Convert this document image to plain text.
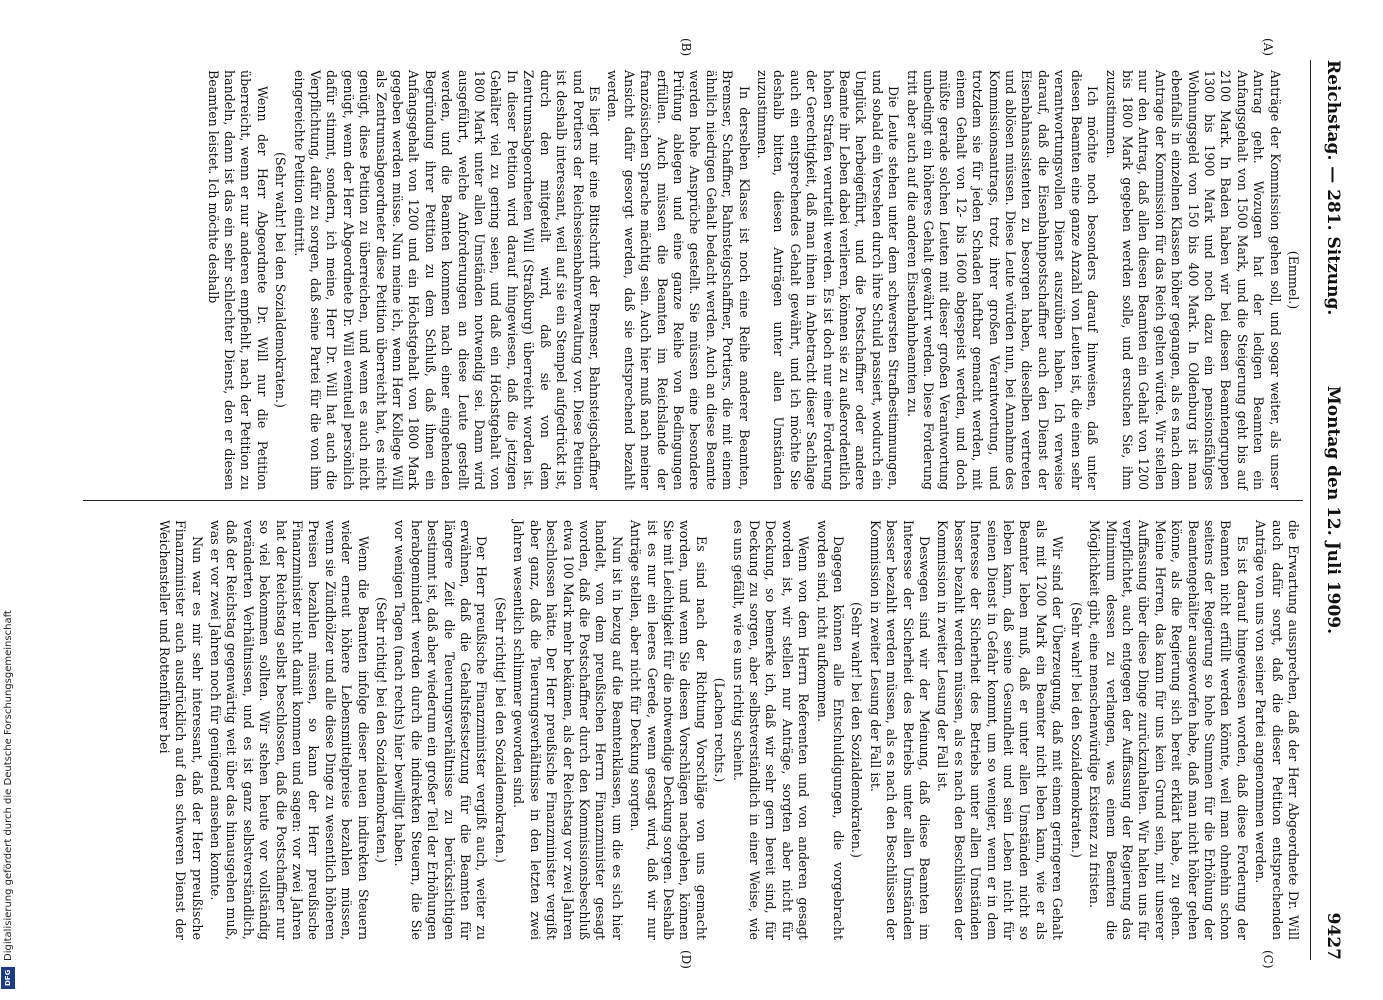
Reichstag. — 281. Sitzung.
Montag den 12. Juli 1909.
9427
(A)
(B)
(C)
(D)

(Emmel.)

Anträge der Kommission gehen soll, und sogar weiter, als unser Antrag geht. Wozugen hat der ledigen Beamten ein Anfangsgehalt von 1500 Mark, und die Steigerung geht bis auf 2100 Mark. In Baden haben wir bei diesen Beamtengruppen 1300 bis 1900 Mark und noch dazu ein pensionsfähiges Wohnungsgeld von 150 bis 400 Mark. In Oldenburg ist man ebenfalls in einzelnen Klassen höher gegangen, als es nach dem Antrage der Kommission für das Reich gelten würde. Wir stellen nur den Antrag, daß allen diesen Beamten ein Gehalt von 1200 bis 1800 Mark gegeben werden solle, und ersuchen Sie, ihm zuzustimmen.

Ich möchte noch besonders darauf hinweisen, daß unter diesen Beamten eine ganze Anzahl von Leuten ist, die einen sehr verantwortungsvollen Dienst auszuüben haben. Ich verweise darauf, daß die Eisenbahnpostschaffner auch den Dienst der Eisenbahnassistenten zu besorgen haben, dieselben vertreten und ablösen müssen. Diese Leute würden nun, bei Annahme des Kommissionsantrags, trotz ihrer großen Verantwortung, und trotzdem sie für jeden Schaden haftbar gemacht werden, mit einem Gehalt von 12- bis 1600 abgespeist werden, und doch müßte gerade solchen Leuten mit dieser großen Verantwortung unbedingt ein höheres Gehalt gewährt werden. Diese Forderung tritt aber auch auf die anderen Eisenbahnbeamten zu.

Die Leute stehen unter dem schwersten Strafbestimmungen, und sobald ein Versehen durch ihre Schuld passiert, wodurch ein Unglück herbeigeführt, und die Postschaffner oder andere Beamte ihr Leben dabei verlieren, können sie zu außerordentlich hohen Strafen verurteilt werden. Es ist doch nur eine Forderung der Gerechtigkeit, daß man ihnen in Anbetracht dieser Sachlage auch ein entsprechendes Gehalt gewährt, und ich möchte Sie deshalb bitten, diesen Anträgen unter allen Umständen zuzustimmen.

In derselben Klasse ist noch eine Reihe anderer Beamten, Bremser, Schaffner, Bahnsteigschaffner, Portiers, die mit einem ähnlich niedrigen Gehalt bedacht werden. Auch an diese Beamte werden hohe Ansprüche gestellt. Sie müssen eine besondere Prüfung ablegen und eine ganze Reihe von Bedingungen erfüllen. Auch müssen die Beamten im Reichslande der französischen Sprache mächtig sein. Auch hier muß nach meiner Ansicht dafür gesorgt werden, daß sie entsprechend bezahlt werden.

Es liegt mir eine Bittschrift der Bremser, Bahnsteigschaffner und Portiers der Reichseisenbahnverwaltung vor. Diese Petition ist deshalb interessant, weil auf sie ein Stempel aufgedrückt ist, durch den mitgeteilt wird, daß sie von dem Zentrumsabgeordneten Will (Straßburg) überreicht worden ist. In dieser Petition wird darauf hingewiesen, daß die jetzigen Gehälter viel zu gering seien, und daß ein Höchstgehalt von 1800 Mark unter allen Umständen notwendig sei. Dann wird ausgeführt, welche Anforderungen an diese Leute gestellt werden, und die Beamten kommen nach einer eingehenden Begründung ihrer Petition zu dem Schluß, daß ihnen ein Anfangsgehalt von 1200 und ein Höchstgehalt von 1800 Mark gegeben werden müsse. Nun meine ich, wenn Herr Kollege Will als Zentrumsabgeordneter diese Petition überreicht hat, es nicht genügt, diese Petition zu überreichen, und wenn es auch nicht genügt, wenn der Herr Abgeordnete Dr. Will eventuell persönlich dafür stimmt, sondern, ich meine, Herr Dr. Will hat auch die Verpflichtung, dafür zu sorgen, daß seine Partei für die von ihm eingereichte Petition eintritt.

(Sehr wahr! bei den Sozialdemokraten.)

Wenn der Herr Abgeordnete Dr. Will nur die Petition überreicht, wenn er nur anderen empfiehlt, nach der Petition zu handeln, dann ist das ein sehr schlechter Dienst, den er diesen Beamten leistet. Ich möchte deshalb

die Erwartung aussprechen, daß der Herr Abgeordnete Dr. Will auch dafür sorgt, daß die dieser Petition entsprechenden Anträge von uns von seiner Partei angenommen werden.

Es ist darauf hingewiesen worden, daß diese Forderung der Beamten nicht erfüllt werden könnte, weil man ohnehin schon seitens der Regierung so hohe Summen für die Erhöhung der Beamtengehälter ausgeworfen habe, daß man nicht höher gehen könne, als die Regierung sich bereit erklärt habe, zu gehen. Meine Herren, das kann für uns kein Grund sein, mit unserer Auffassung über diese Dinge zurückzuhalten. Wir halten uns für verpflichtet, auch entgegen der Auffassung der Regierung das Minimum dessen zu verlangen, was einem Beamten die Möglichkeit gibt, eine menschenwürdige Existenz zu fristen.

(Sehr wahr! bei den Sozialdemokraten.)

Wir sind der Überzeugung, daß mit einem geringeren Gehalt als mit 1200 Mark ein Beamter nicht leben kann, wie er als Beamter leben muß, daß er unter allen Umständen nicht so leben kann, daß seine Gesundheit und sein Leben nicht für seinen Dienst in Gefahr kommt, um so weniger, wenn er in dem Interesse der Sicherheit des Betriebs unter allen Umständen besser bezahlt werden müssen, als es nach den Beschlüssen der Kommission in zweiter Lesung der Fall ist.

Deswegen sind wir der Meinung, daß diese Beamten im Interesse der Sicherheit des Betriebs unter allen Umständen besser bezahlt werden müssen, als es nach den Beschlüssen der Kommission in zweiter Lesung der Fall ist.

(Sehr wahr! bei den Sozialdemokraten.)

Dagegen können alle Entschuldigungen, die vorgebracht worden sind, nicht aufkommen.

Wenn von dem Herrn Referenten und von anderen gesagt worden ist, wir stellen nur Anträge, sorgten aber nicht für Deckung, so bemerke ich, daß wir sehr gern bereit sind, für Deckung zu sorgen, aber selbstverständlich in einer Weise, wie es uns gefällt, wie es uns richtig scheint.

(Lachen rechts.)

Es sind nach der Richtung Vorschläge von uns gemacht worden, und wenn Sie diesen Vorschlägen nachgehen, können Sie mit Leichtigkeit für die notwendige Deckung sorgen. Deshalb ist es nur ein leeres Gerede, wenn gesagt wird, daß wir nur Anträge stellen, aber nicht für Deckung sorgten.

Nun ist in bezug auf die Beamtenklassen, um die es sich hier handelt, von dem preußischen Herrn Finanzminister gesagt worden, daß die Postschaffner durch den Kommissionsbeschluß etwa 100 Mark mehr bekämen, als der Reichstag vor zwei Jahren beschlossen hätte. Der Herr preußische Finanzminister vergißt aber ganz, daß die Teuerungsverhältnisse in den letzten zwei Jahren wesentlich schlimmer geworden sind.

(Sehr richtig! bei den Sozialdemokraten.)

Der Herr preußische Finanzminister vergißt auch, weiter zu erwähnen, daß die Gehaltsfestsetzung für die Beamten für längere Zeit die Teuerungsverhältnisse zu berücksichtigen bestimmt ist, daß aber wiederum ein großer Teil der Erhöhungen herabgemindert werden durch die indirekten Steuern, die Sie vor wenigen Tagen (nach rechts) hier bewilligt haben.

(Sehr richtig! bei den Sozialdemokraten.)

Wenn die Beamten infolge dieser neuen indirekten Steuern wieder erneut höhere Lebensmittelpreise bezahlen müssen, wenn sie Zündhölzer und alle diese Dinge zu wesentlich höheren Preisen bezahlen müssen, so kann der Herr preußische Finanzminister nicht damit kommen und sagen: vor zwei Jahren hat der Reichstag selbst beschlossen, daß die Postschaffner nur so viel bekommen sollten. Wir stehen heute vor vollständig veränderten Verhältnissen, und es ist ganz selbstverständlich, daß der Reichstag gegenwärtig weit über das hinausgehen muß, was er vor zwei Jahren noch für genügend ansehen konnte.

Nun war es mir sehr interessant, daß der Herr preußische Finanzminister auch ausdrücklich auf den schweren Dienst der Weichensteller und Rottenführer bei

Digitalisierung gefördert durch die Deutsche Forschungsgemeinschaft
DFG
